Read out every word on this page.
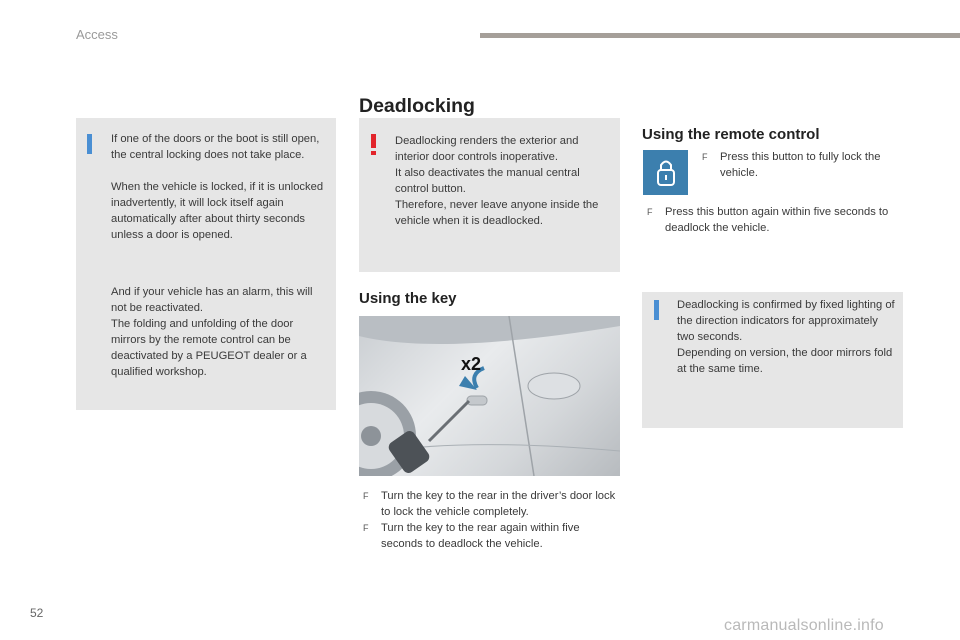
Access
Deadlocking
If one of the doors or the boot is still open, the central locking does not take place.
When the vehicle is locked, if it is unlocked inadvertently, it will lock itself again automatically after about thirty seconds unless a door is opened.
And if your vehicle has an alarm, this will not be reactivated.
The folding and unfolding of the door mirrors by the remote control can be deactivated by a PEUGEOT dealer or a qualified workshop.
Deadlocking renders the exterior and interior door controls inoperative.
It also deactivates the manual central control button.
Therefore, never leave anyone inside the vehicle when it is deadlocked.
Using the key
x2
F Turn the key to the rear in the driver’s door lock to lock the vehicle completely.
F Turn the key to the rear again within five seconds to deadlock the vehicle.
Using the remote control
F Press this button to fully lock the vehicle.
F Press this button again within five seconds to deadlock the vehicle.
Deadlocking is confirmed by fixed lighting of the direction indicators for approximately two seconds.
Depending on version, the door mirrors fold at the same time.
52
carmanualsonline.info
